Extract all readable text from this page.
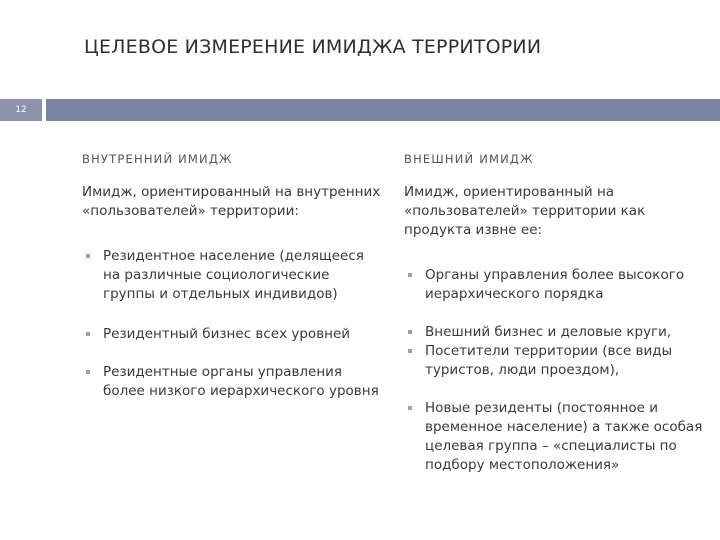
ЦЕЛЕВОЕ ИЗМЕРЕНИЕ ИМИДЖА ТЕРРИТОРИИ
12
ВНУТРЕННИЙ ИМИДЖ
Имидж, ориентированный на внутренних «пользователей» территории:
Резидентное население (делящееся на различные социологические группы и отдельных индивидов)
Резидентный бизнес всех уровней
Резидентные органы управления более низкого иерархического уровня
ВНЕШНИЙ ИМИДЖ
Имидж, ориентированный на «пользователей» территории как продукта извне ее:
Органы управления более высокого иерархического порядка
Внешний бизнес и деловые круги,
Посетители территории (все виды туристов, люди проездом),
Новые резиденты (постоянное и временное население) а также особая целевая группа – «специалисты по подбору местоположения»
